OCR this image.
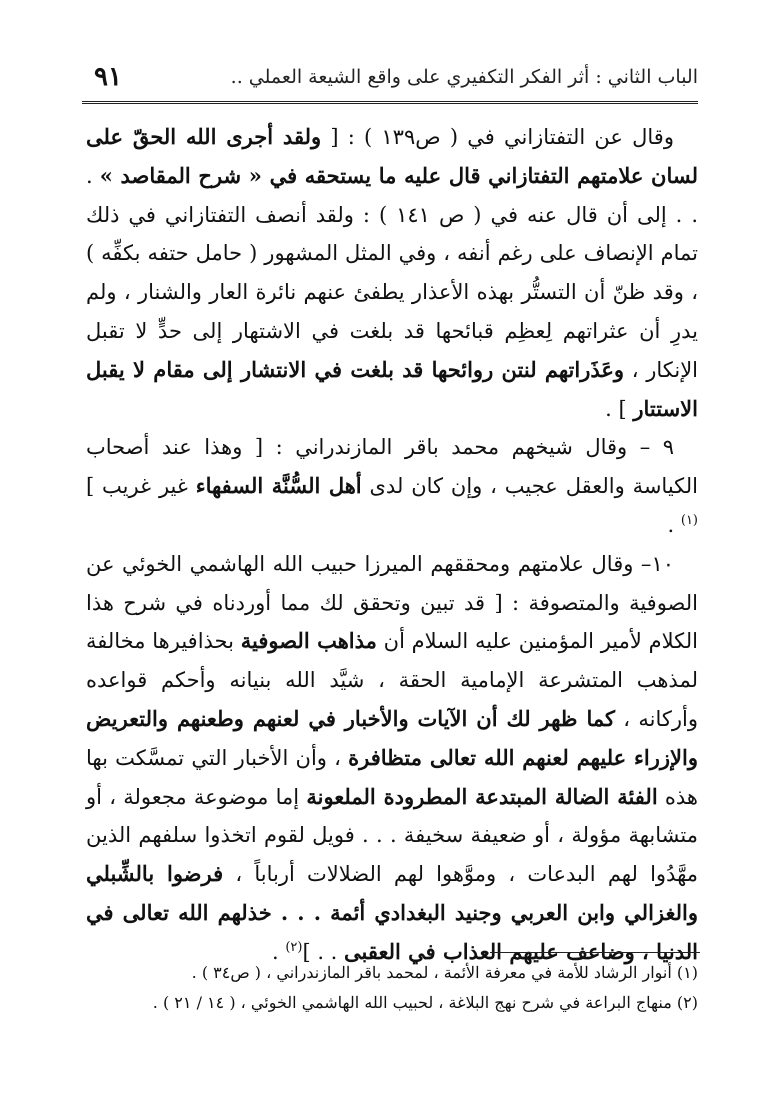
الباب الثاني : أثر الفكر التكفيري على واقع الشيعة العملي ..
٩١

وقال عن التفتازاني في ( ص١٣٩ ) : [ ولقد أجرى الله الحقّ على لسان علامتهم التفتازاني قال عليه ما يستحقه في « شرح المقاصد » . . . إلى أن قال عنه في ( ص ١٤١ ) : ولقد أنصف التفتازاني في ذلك تمام الإنصاف على رغم أنفه ، وفي المثل المشهور ( حامل حتفه بكفِّه ) ، وقد ظنّ أن التستُّر بهذه الأعذار يطفئ عنهم نائرة العار والشنار ، ولم يدرِ أن عثراتهم لِعظِم قبائحها قد بلغت في الاشتهار إلى حدٍّ لا تقبل الإنكار ، وعَذَراتهم لنتن روائحها قد بلغت في الانتشار إلى مقام لا يقبل الاستتار ] .

٩ – وقال شيخهم محمد باقر المازندراني : [ وهذا عند أصحاب الكياسة والعقل عجيب ، وإن كان لدى أهل السُّنَّة السفهاء غير غريب ]$^{(١)}$ .

١٠– وقال علامتهم ومحققهم الميرزا حبيب الله الهاشمي الخوئي عن الصوفية والمتصوفة : [ قد تبين وتحقق لك مما أوردناه في شرح هذا الكلام لأمير المؤمنين عليه السلام أن مذاهب الصوفية بحذافيرها مخالفة لمذهب المتشرعة الإمامية الحقة ، شيَّد الله بنيانه وأحكم قواعده وأركانه ، كما ظهر لك أن الآيات والأخبار في لعنهم وطعنهم والتعريض والإزراء عليهم لعنهم الله تعالى متظافرة ، وأن الأخبار التي تمسَّكت بها هذه الفئة الضالة المبتدعة المطرودة الملعونة إما موضوعة مجعولة ، أو متشابهة مؤولة ، أو ضعيفة سخيفة . . . فويل لقوم اتخذوا سلفهم الذين مهَّدُوا لهم البدعات ، وموَّهوا لهم الضلالات أرباباً ، فرضوا بالشِّبلي والغزالي وابن العربي وجنيد البغدادي أئمة . . . خذلهم الله تعالى في الدنيا ، وضاعف عليهم العذاب في العقبى . . ]$^{(٢)}$ .

(١) أنوار الرشاد للأمة في معرفة الأئمة ، لمحمد باقر المازندراني ، ( ص٣٤ ) .
(٢) منهاج البراعة في شرح نهج البلاغة ، لحبيب الله الهاشمي الخوئي ، ( ١٤ / ٢١ ) .
